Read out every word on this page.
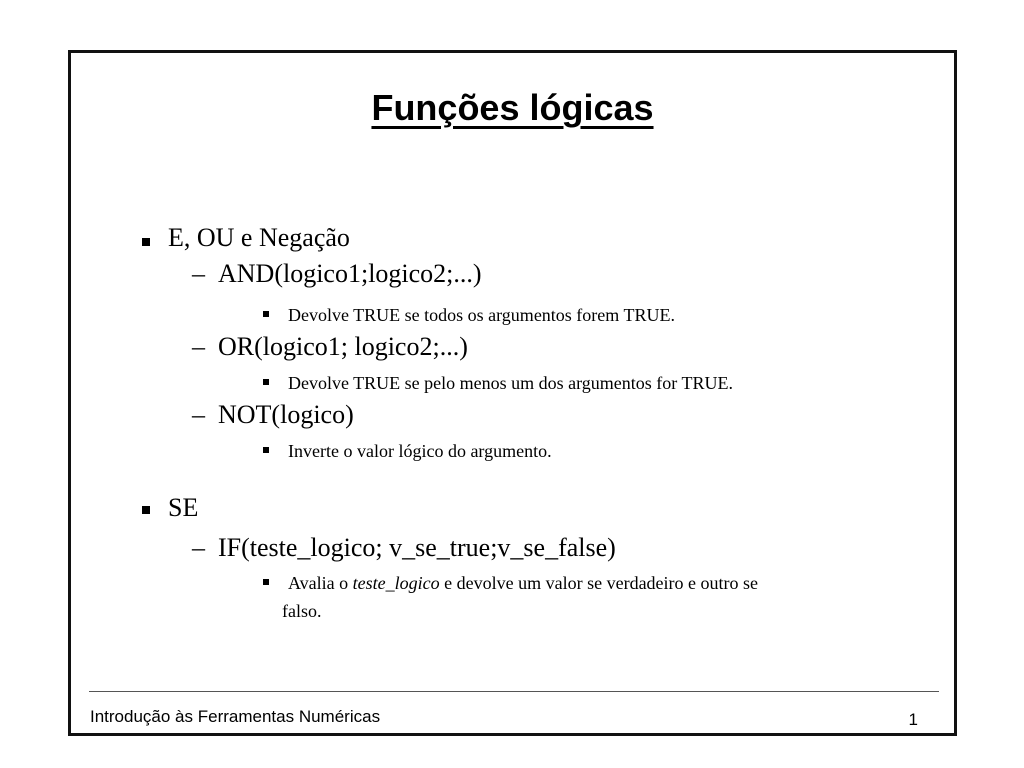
Funções lógicas
E, OU e Negação
– AND(logico1;logico2;...)
Devolve TRUE se todos os argumentos forem TRUE.
– OR(logico1; logico2;...)
Devolve TRUE se pelo menos um dos argumentos for TRUE.
– NOT(logico)
Inverte o valor lógico do argumento.
SE
– IF(teste_logico; v_se_true;v_se_false)
Avalia o teste_logico e devolve um valor se verdadeiro e outro se
falso.
Introdução às Ferramentas Numéricas	1
